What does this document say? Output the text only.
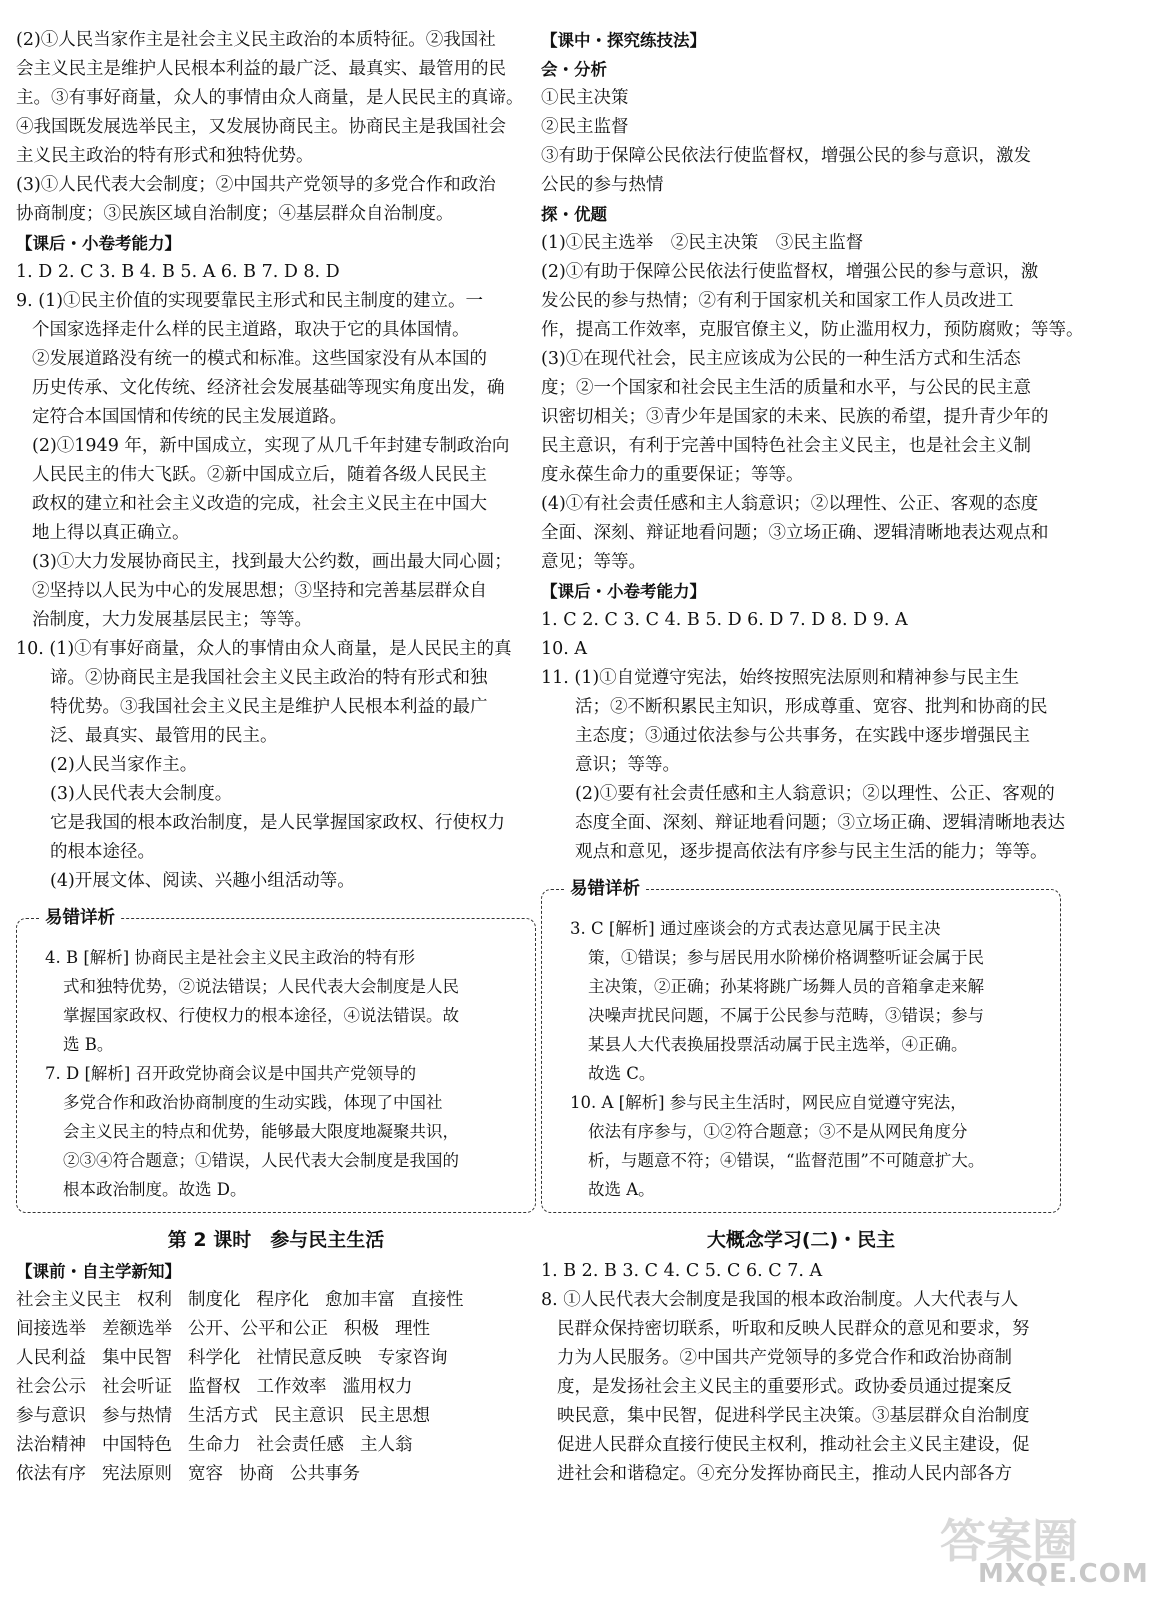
(2)①人民当家作主是社会主义民主政治的本质特征。②我国社
会主义民主是维护人民根本利益的最广泛、最真实、最管用的民
主。③有事好商量，众人的事情由众人商量，是人民民主的真谛。
④我国既发展选举民主，又发展协商民主。协商民主是我国社会
主义民主政治的特有形式和独特优势。
(3)①人民代表大会制度；②中国共产党领导的多党合作和政治
协商制度；③民族区域自治制度；④基层群众自治制度。
【课后・小卷考能力】
1. D 2. C 3. B 4. B 5. A 6. B 7. D 8. D
9. (1)①民主价值的实现要靠民主形式和民主制度的建立。一
个国家选择走什么样的民主道路，取决于它的具体国情。
②发展道路没有统一的模式和标准。这些国家没有从本国的
历史传承、文化传统、经济社会发展基础等现实角度出发，确
定符合本国国情和传统的民主发展道路。
(2)①1949 年，新中国成立，实现了从几千年封建专制政治向
人民民主的伟大飞跃。②新中国成立后，随着各级人民民主
政权的建立和社会主义改造的完成，社会主义民主在中国大
地上得以真正确立。
(3)①大力发展协商民主，找到最大公约数，画出最大同心圆；
②坚持以人民为中心的发展思想；③坚持和完善基层群众自
治制度，大力发展基层民主；等等。
10. (1)①有事好商量，众人的事情由众人商量，是人民民主的真
谛。②协商民主是我国社会主义民主政治的特有形式和独
特优势。③我国社会主义民主是维护人民根本利益的最广
泛、最真实、最管用的民主。
(2)人民当家作主。
(3)人民代表大会制度。
它是我国的根本政治制度，是人民掌握国家政权、行使权力
的根本途径。
(4)开展文体、阅读、兴趣小组活动等。
易错详析
4. B [解析] 协商民主是社会主义民主政治的特有形
式和独特优势，②说法错误；人民代表大会制度是人民
掌握国家政权、行使权力的根本途径，④说法错误。故
选 B。
7. D [解析] 召开政党协商会议是中国共产党领导的
多党合作和政治协商制度的生动实践，体现了中国社
会主义民主的特点和优势，能够最大限度地凝聚共识，
②③④符合题意；①错误，人民代表大会制度是我国的
根本政治制度。故选 D。
第 2 课时　参与民主生活
【课前・自主学新知】
社会主义民主 权利 制度化 程序化 愈加丰富 直接性
间接选举 差额选举 公开、公平和公正 积极 理性
人民利益 集中民智 科学化 社情民意反映 专家咨询
社会公示 社会听证 监督权 工作效率 滥用权力
参与意识 参与热情 生活方式 民主意识 民主思想
法治精神 中国特色 生命力 社会责任感 主人翁
依法有序 宪法原则 宽容 协商 公共事务
【课中・探究练技法】
会・分析
①民主决策
②民主监督
③有助于保障公民依法行使监督权，增强公民的参与意识，激发
公民的参与热情
探・优题
(1)①民主选举　②民主决策　③民主监督
(2)①有助于保障公民依法行使监督权，增强公民的参与意识，激
发公民的参与热情；②有利于国家机关和国家工作人员改进工
作，提高工作效率，克服官僚主义，防止滥用权力，预防腐败；等等。
(3)①在现代社会，民主应该成为公民的一种生活方式和生活态
度；②一个国家和社会民主生活的质量和水平，与公民的民主意
识密切相关；③青少年是国家的未来、民族的希望，提升青少年的
民主意识，有利于完善中国特色社会主义民主，也是社会主义制
度永葆生命力的重要保证；等等。
(4)①有社会责任感和主人翁意识；②以理性、公正、客观的态度
全面、深刻、辩证地看问题；③立场正确、逻辑清晰地表达观点和
意见；等等。
【课后・小卷考能力】
1. C 2. C 3. C 4. B 5. D 6. D 7. D 8. D 9. A
10. A
11. (1)①自觉遵守宪法，始终按照宪法原则和精神参与民主生
活；②不断积累民主知识，形成尊重、宽容、批判和协商的民
主态度；③通过依法参与公共事务，在实践中逐步增强民主
意识；等等。
(2)①要有社会责任感和主人翁意识；②以理性、公正、客观的
态度全面、深刻、辩证地看问题；③立场正确、逻辑清晰地表达
观点和意见，逐步提高依法有序参与民主生活的能力；等等。
易错详析
3. C [解析] 通过座谈会的方式表达意见属于民主决
策，①错误；参与居民用水阶梯价格调整听证会属于民
主决策，②正确；孙某将跳广场舞人员的音箱拿走来解
决噪声扰民问题，不属于公民参与范畴，③错误；参与
某县人大代表换届投票活动属于民主选举，④正确。
故选 C。
10. A [解析] 参与民主生活时，网民应自觉遵守宪法，
依法有序参与，①②符合题意；③不是从网民角度分
析，与题意不符；④错误，“监督范围”不可随意扩大。
故选 A。
大概念学习(二)・民主
1. B 2. B 3. C 4. C 5. C 6. C 7. A
8. ①人民代表大会制度是我国的根本政治制度。人大代表与人
民群众保持密切联系，听取和反映人民群众的意见和要求，努
力为人民服务。②中国共产党领导的多党合作和政治协商制
度，是发扬社会主义民主的重要形式。政协委员通过提案反
映民意，集中民智，促进科学民主决策。③基层群众自治制度
促进人民群众直接行使民主权利，推动社会主义民主建设，促
进社会和谐稳定。④充分发挥协商民主，推动人民内部各方
答案圈
MXQE.COM
